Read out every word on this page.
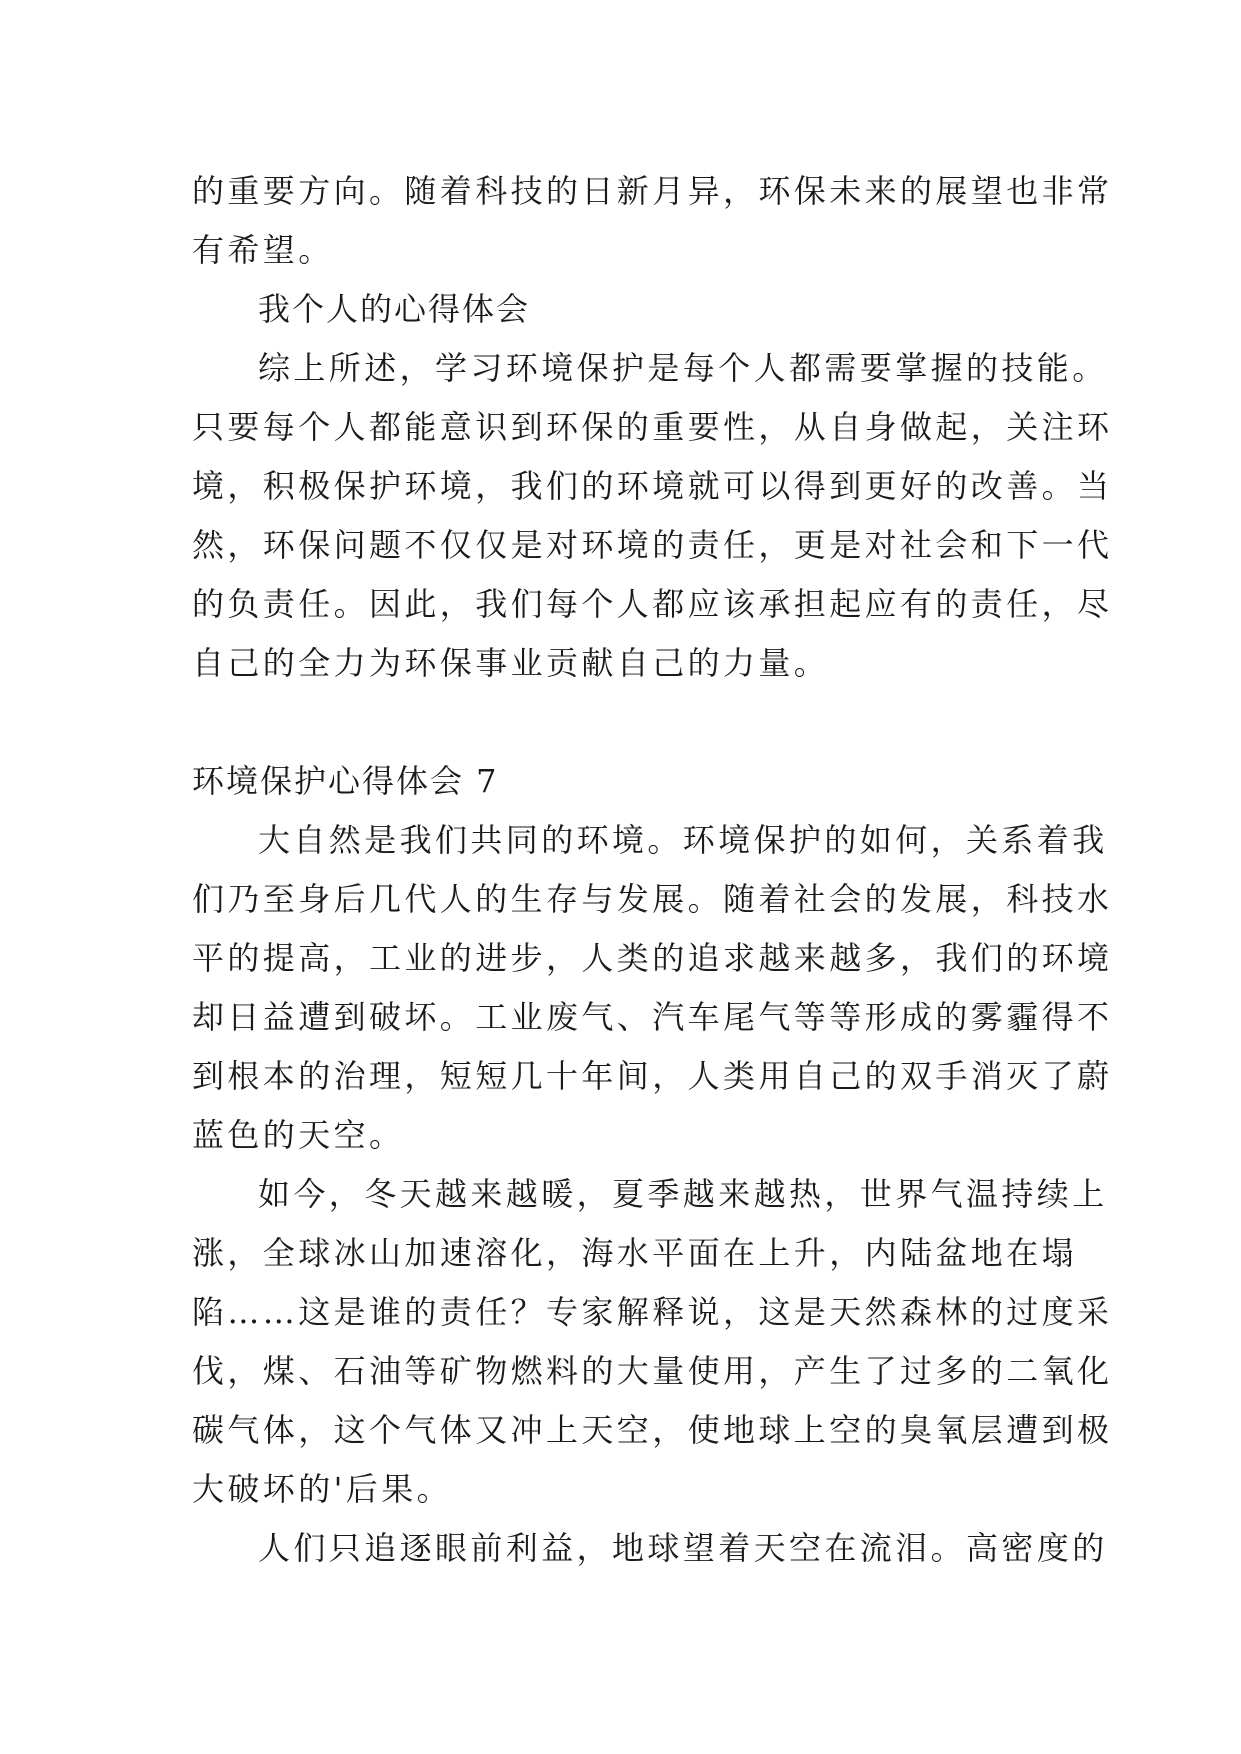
的重要方向。随着科技的日新月异，环保未来的展望也非常
有希望。
我个人的心得体会
综上所述，学习环境保护是每个人都需要掌握的技能。
只要每个人都能意识到环保的重要性，从自身做起，关注环
境，积极保护环境，我们的环境就可以得到更好的改善。当
然，环保问题不仅仅是对环境的责任，更是对社会和下一代
的负责任。因此，我们每个人都应该承担起应有的责任，尽
自己的全力为环保事业贡献自己的力量。
环境保护心得体会 7
大自然是我们共同的环境。环境保护的如何，关系着我
们乃至身后几代人的生存与发展。随着社会的发展，科技水
平的提高，工业的进步，人类的追求越来越多，我们的环境
却日益遭到破坏。工业废气、汽车尾气等等形成的雾霾得不
到根本的治理，短短几十年间，人类用自己的双手消灭了蔚
蓝色的天空。
如今，冬天越来越暖，夏季越来越热，世界气温持续上
涨，全球冰山加速溶化，海水平面在上升，内陆盆地在塌
陷……这是谁的责任？专家解释说，这是天然森林的过度采
伐，煤、石油等矿物燃料的大量使用，产生了过多的二氧化
碳气体，这个气体又冲上天空，使地球上空的臭氧层遭到极
大破坏的'后果。
人们只追逐眼前利益，地球望着天空在流泪。高密度的
